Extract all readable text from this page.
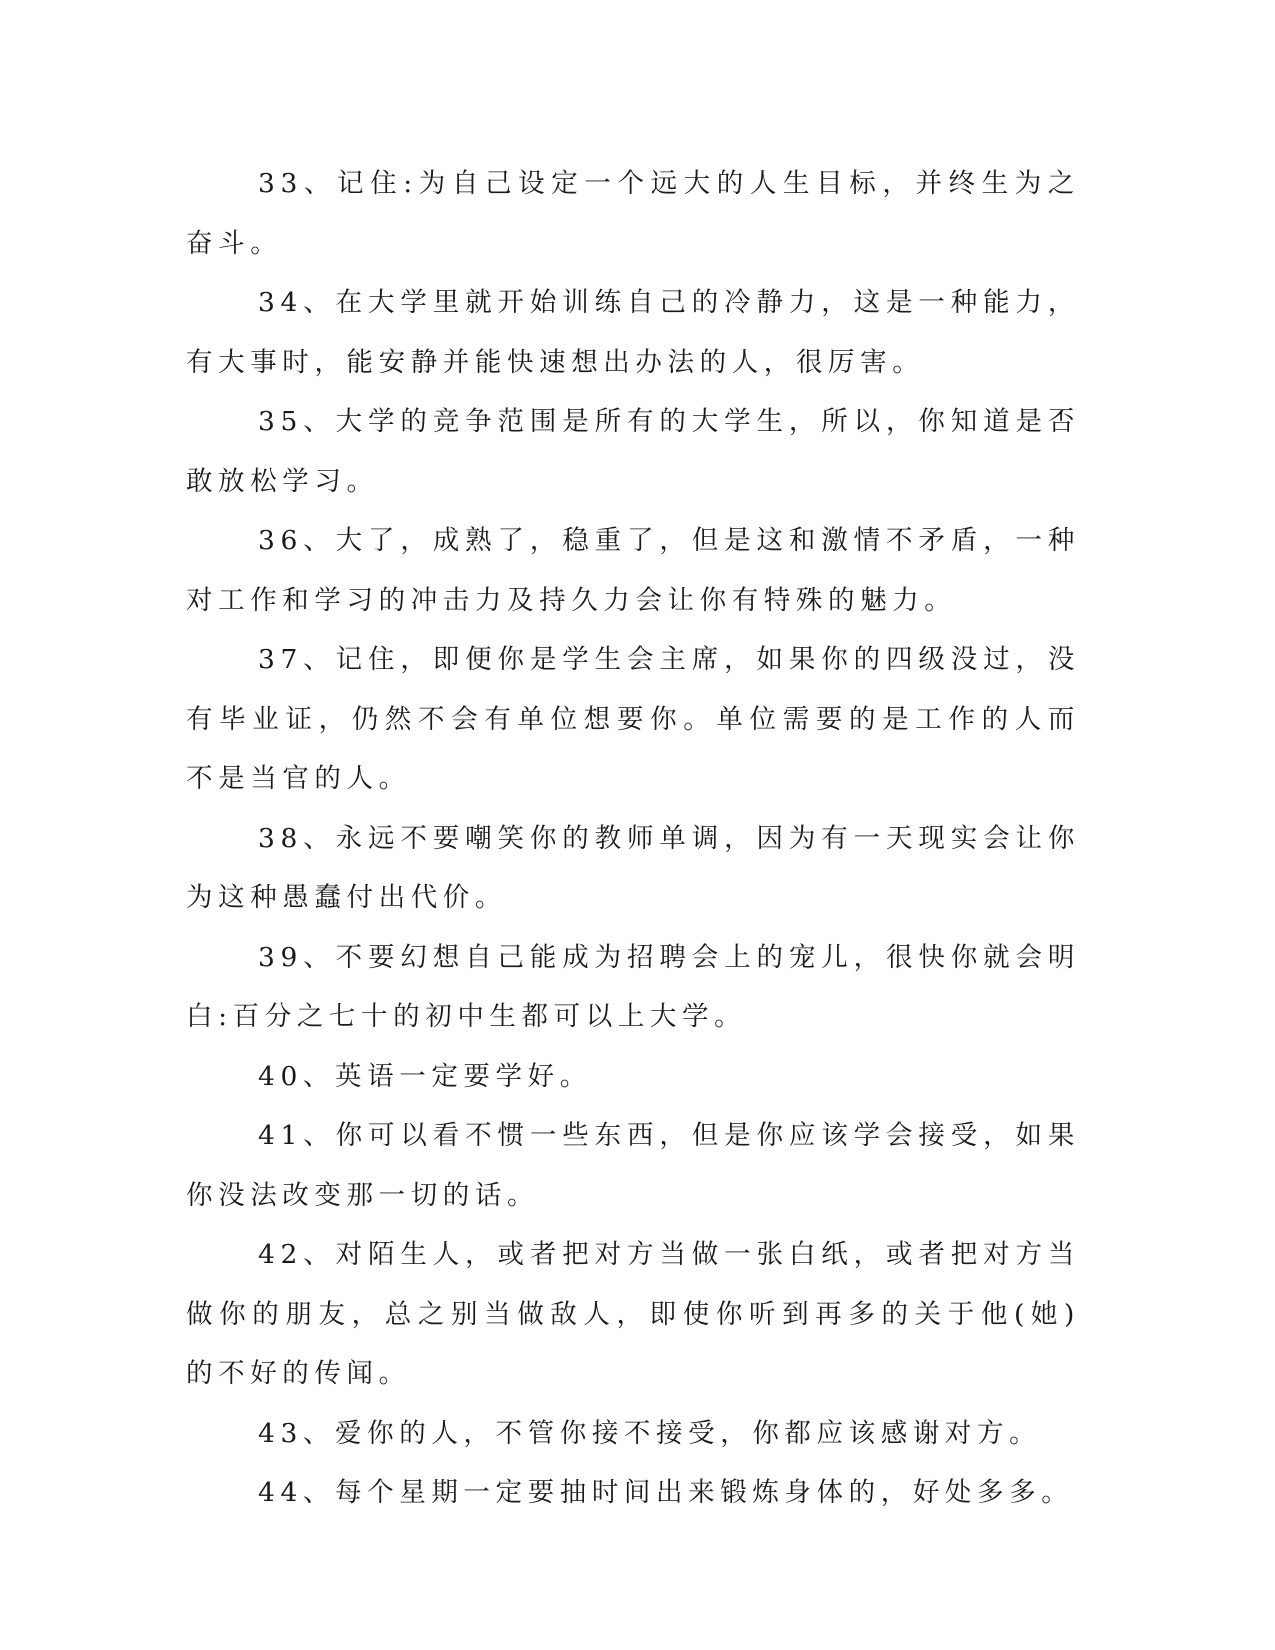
33、记住:为自己设定一个远大的人生目标，并终生为之奋斗。

34、在大学里就开始训练自己的冷静力，这是一种能力，有大事时，能安静并能快速想出办法的人，很厉害。

35、大学的竞争范围是所有的大学生，所以，你知道是否敢放松学习。

36、大了，成熟了，稳重了，但是这和激情不矛盾，一种对工作和学习的冲击力及持久力会让你有特殊的魅力。

37、记住，即便你是学生会主席，如果你的四级没过，没有毕业证，仍然不会有单位想要你。单位需要的是工作的人而不是当官的人。

38、永远不要嘲笑你的教师单调，因为有一天现实会让你为这种愚蠢付出代价。

39、不要幻想自己能成为招聘会上的宠儿，很快你就会明白:百分之七十的初中生都可以上大学。

40、英语一定要学好。

41、你可以看不惯一些东西，但是你应该学会接受，如果你没法改变那一切的话。

42、对陌生人，或者把对方当做一张白纸，或者把对方当做你的朋友，总之别当做敌人，即使你听到再多的关于他(她)的不好的传闻。

43、爱你的人，不管你接不接受，你都应该感谢对方。

44、每个星期一定要抽时间出来锻炼身体的，好处多多。
